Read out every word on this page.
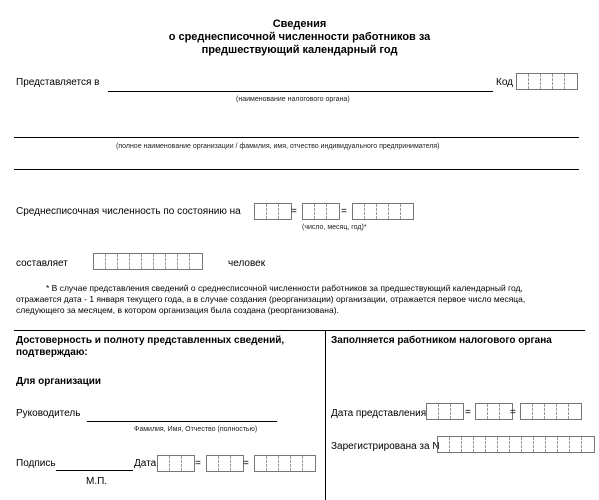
Сведения
о среднесписочной численности работников за
предшествующий календарный год
Представляется в
(наименование налогового органа)
Код
(полное наименование организации / фамилия, имя, отчество индивидуального предпринимателя)
Среднесписочная численность по состоянию на	=	=
(число, месяц, год)*
составляет	человек
* В случае представления сведений о среднесписочной численности работников за предшествующий календарный год,
отражается дата - 1 января текущего года, а в случае создания (реорганизации) организации, отражается первое число месяца,
следующего за месяцем, в котором организация была создана (реорганизована).
Достоверность и полноту представленных сведений,
подтверждаю:
Для организации
Руководитель
Фамилия, Имя, Отчество (полностью)
Подпись	Дата	=	=
М.П.
Заполняется работником налогового органа
Дата представления	=	=
Зарегистрирована за N
